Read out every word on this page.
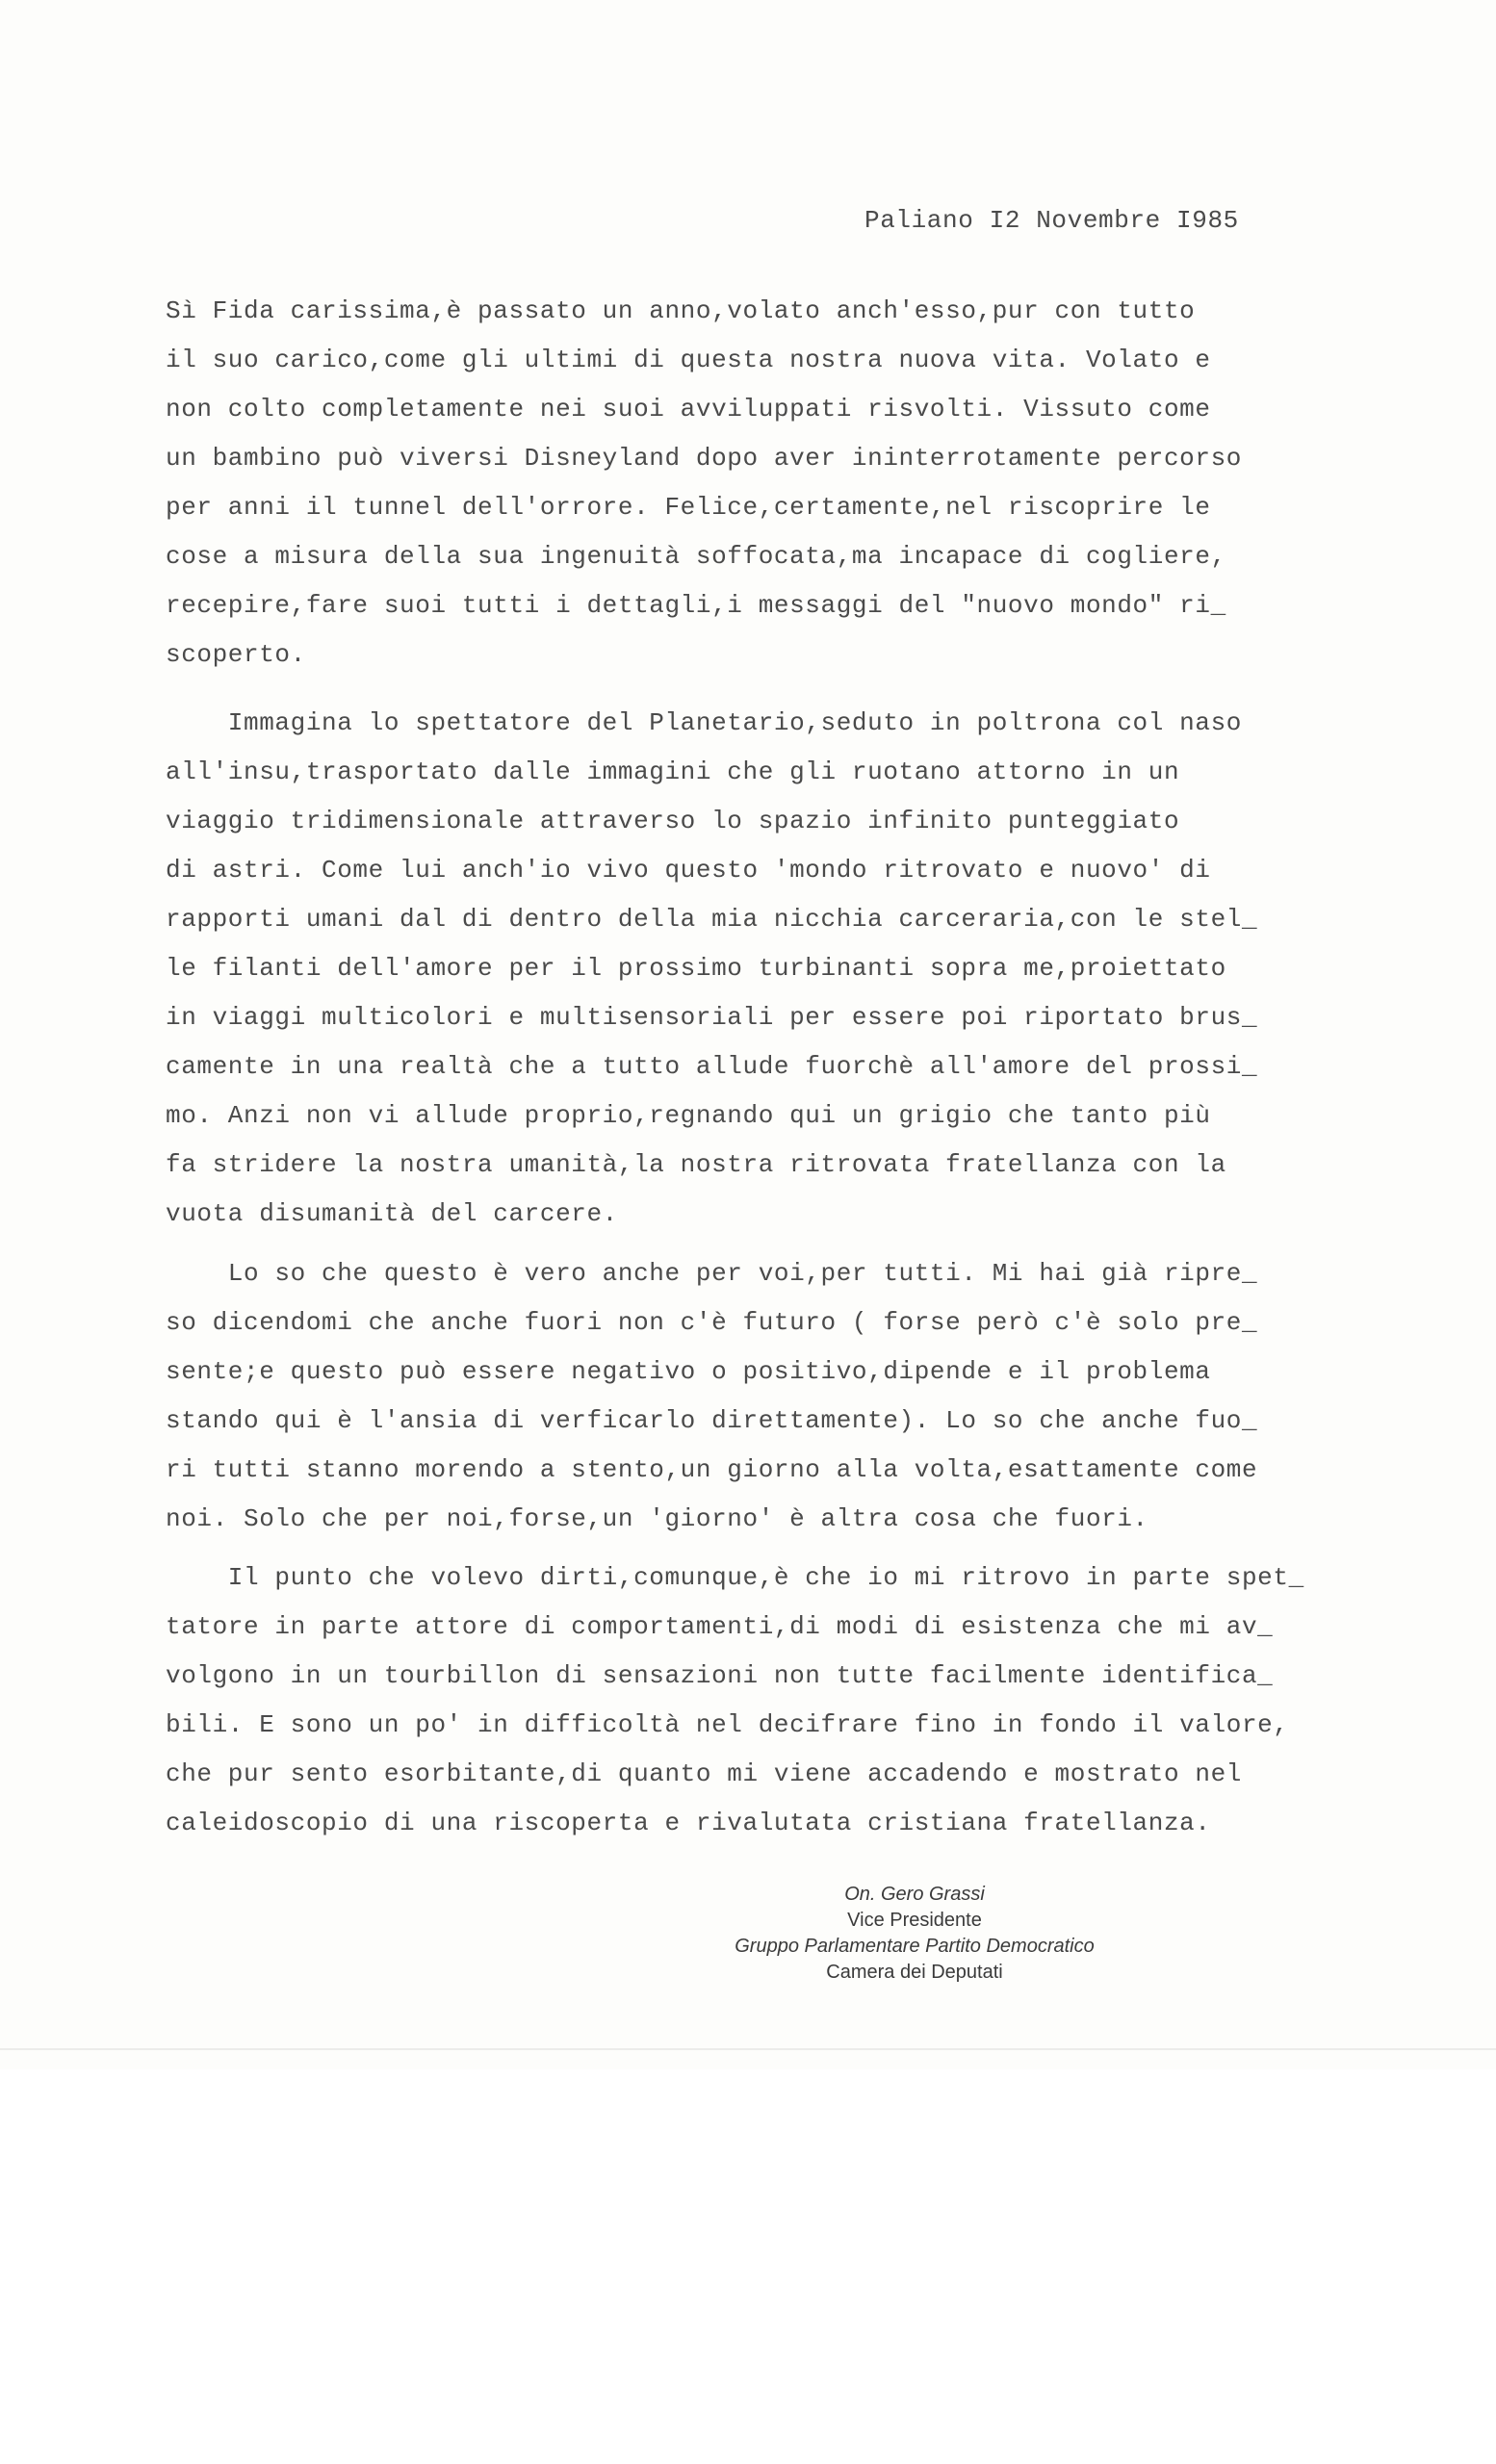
Paliano I2 Novembre I985

Sì Fida carissima,è passato un anno,volato anch'esso,pur con tutto

il suo carico,come gli ultimi di questa nostra nuova vita. Volato e

non colto completamente nei suoi avviluppati risvolti. Vissuto come

un bambino può viversi Disneyland dopo aver ininterrotamente percorso

per anni il tunnel dell'orrore. Felice,certamente,nel riscoprire le

cose a misura della sua ingenuità soffocata,ma incapace di cogliere,

recepire,fare suoi tutti i dettagli,i messaggi del "nuovo mondo" ri_

scoperto.

Immagina lo spettatore del Planetario,seduto in poltrona col naso

all'insu,trasportato dalle immagini che gli ruotano attorno in un

viaggio tridimensionale attraverso lo spazio infinito punteggiato

di astri. Come lui anch'io vivo questo 'mondo ritrovato e nuovo' di

rapporti umani dal di dentro della mia nicchia carceraria,con le stel_

le filanti dell'amore per il prossimo turbinanti sopra me,proiettato

in viaggi multicolori e multisensoriali per essere poi riportato brus_

camente in una realtà che a tutto allude fuorchè all'amore del prossi_

mo. Anzi non vi allude proprio,regnando qui un grigio che tanto più

fa stridere la nostra umanità,la nostra ritrovata fratellanza con la

vuota disumanità del carcere.

Lo so che questo è vero anche per voi,per tutti. Mi hai già ripre_

so dicendomi che anche fuori non c'è futuro ( forse però c'è solo pre_

sente;e questo può essere negativo o positivo,dipende e il problema

stando qui è l'ansia di verficarlo direttamente). Lo so che anche fuo_

ri tutti stanno morendo a stento,un giorno alla volta,esattamente come

noi. Solo che per noi,forse,un 'giorno' è altra cosa che fuori.

Il punto che volevo dirti,comunque,è che io mi ritrovo in parte spet_

tatore in parte attore di comportamenti,di modi di esistenza che mi av_

volgono in un tourbillon di sensazioni non tutte facilmente identifica_

bili. E sono un po' in difficoltà nel decifrare fino in fondo il valore,

che pur sento esorbitante,di quanto mi viene accadendo e mostrato nel

caleidoscopio di una riscoperta e rivalutata cristiana fratellanza.

On. Gero Grassi
Vice Presidente
Gruppo Parlamentare Partito Democratico
Camera dei Deputati
